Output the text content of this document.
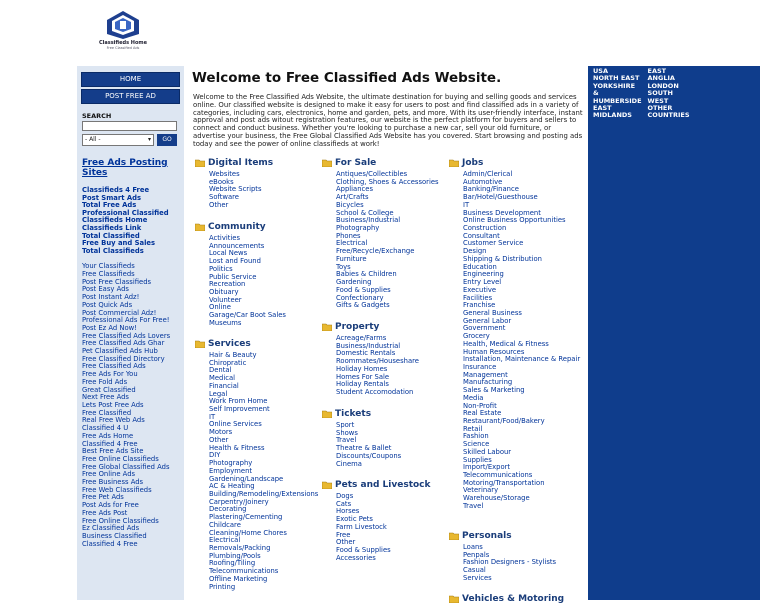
Classifieds Home
Free Classified Ads
HOME
POST FREE AD
SEARCH
- All -	▾	GO
Free Ads Posting Sites
Classifieds 4 Free
Post Smart Ads
Total Free Ads
Professional Classified
Classifieds Home
Classifieds Link
Total Classified
Free Buy and Sales
Total Classifieds
Your Classifieds
Free Classifieds
Post Free Classifieds
Post Easy Ads
Post Instant Adz!
Post Quick Ads
Post Commercial Adz!
Professional Ads For Free!
Post Ez Ad Now!
Free Classified Ads Lovers
Free Classified Ads Ghar
Pet Classified Ads Hub
Free Classified Directory
Free Classified Ads
Free Ads For You
Free Fold Ads
Great Classified
Next Free Ads
Lets Post Free Ads
Free Classified
Real Free Web Ads
Classified 4 U
Free Ads Home
Classified 4 Free
Best Free Ads Site
Free Online Classifieds
Free Global Classified Ads
Free Online Ads
Free Business Ads
Free Web Classifieds
Free Pet Ads
Post Ads for Free
Free Ads Post
Free Online Classifieds
Ez Classified Ads
Business Classified
Classified 4 Free
Welcome to Free Classified Ads Website.
Welcome to the Free Classified Ads Website, the ultimate destination for buying and selling goods and services online. Our classified website is designed to make it easy for users to post and find classified ads in a variety of categories, including cars, electronics, home and garden, pets, and more. With its user-friendly interface, instant approval and post ads witout registration features, our website is the perfect platform for buyers and sellers to connect and conduct business. Whether you're looking to purchase a new car, sell your old furniture, or advertise your business, the Free Global Classified Ads Website has you covered. Start browsing and posting ads today and see the power of online classifieds at work!
Digital Items
Websites
eBooks
Website Scripts
Software
Other
Community
Activities
Announcements
Local News
Lost and Found
Politics
Public Service
Recreation
Obituary
Volunteer
Online
Garage/Car Boot Sales
Museums
Services
Hair & Beauty
Chiropratic
Dental
Medical
Financial
Legal
Work From Home
Self Improvement
IT
Online Services
Motors
Other
Health & Fitness
DIY
Photography
Employment
Gardening/Landscape
AC & Heating
Building/Remodeling/Extensions
Carpentry/Joinery
Decorating
Plastering/Cementing
Childcare
Cleaning/Home Chores
Electrical
Removals/Packing
Plumbing/Pools
Roofing/Tiling
Telecommunications
Offline Marketing
Printing
For Sale
Antiques/Collectibles
Clothing, Shoes & Accessories
Appliances
Art/Crafts
Bicycles
School & College
Business/Industrial
Photography
Phones
Electrical
Free/Recycle/Exchange
Furniture
Toys
Babies & Children
Gardening
Food & Supplies
Confectionary
Gifts & Gadgets
Property
Acreage/Farms
Business/Industrial
Domestic Rentals
Roommates/Houseshare
Holiday Homes
Homes For Sale
Holiday Rentals
Student Accomodation
Tickets
Sport
Shows
Travel
Theatre & Ballet
Discounts/Coupons
Cinema
Pets and Livestock
Dogs
Cats
Horses
Exotic Pets
Farm Livestock
Free
Other
Food & Supplies
Accessories
Jobs
Admin/Clerical
Automotive
Banking/Finance
Bar/Hotel/Guesthouse
IT
Business Development
Online Business Opportunities
Construction
Consultant
Customer Service
Design
Shipping & Distribution
Education
Engineering
Entry Level
Executive
Facilities
Franchise
General Business
General Labor
Government
Grocery
Health, Medical & Fitness
Human Resources
Installation, Maintenance & Repair
Insurance
Management
Manufacturing
Sales & Marketing
Media
Non-Profit
Real Estate
Restaurant/Food/Bakery
Retail
Fashion
Science
Skilled Labour
Supplies
Import/Export
Telecommunications
Motoring/Transportation
Veterinary
Warehouse/Storage
Travel
Personals
Loans
Penpals
Fashion Designers - Stylists
Casual
Services
Vehicles & Motoring
USA
NORTH EAST
YORKSHIRE
&
HUMBERSIDE
EAST
MIDLANDS
EAST
ANGLIA
LONDON
SOUTH
WEST
OTHER
COUNTRIES
